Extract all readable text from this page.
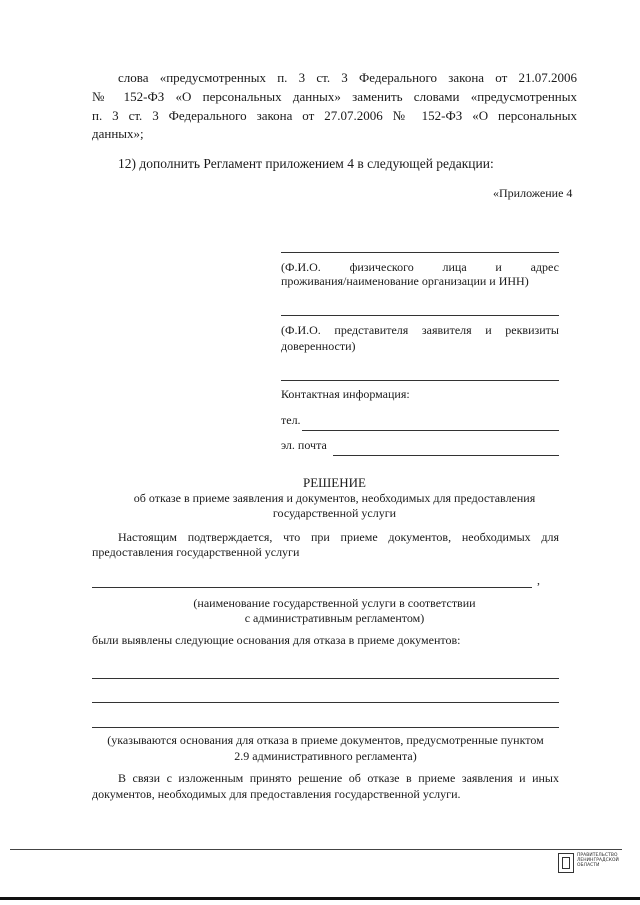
слова «предусмотренных п. 3 ст. 3 Федерального закона от 21.07.2006
№ 152-ФЗ «О персональных данных» заменить словами «предусмотренных
п. 3 ст. 3 Федерального закона от 27.07.2006 № 152-ФЗ «О персональных
данных»;
12) дополнить Регламент приложением 4 в следующей редакции:
«Приложение 4
(Ф.И.О. физического лица и адрес
проживания/наименование организации и ИНН)
(Ф.И.О. представителя заявителя и реквизиты
доверенности)
Контактная информация:
тел.
эл. почта
РЕШЕНИЕ
об отказе в приеме заявления и документов, необходимых для предоставления
государственной услуги
Настоящим подтверждается, что при приеме документов, необходимых для
предоставления государственной услуги
,
(наименование государственной услуги в соответствии
с административным регламентом)
были выявлены следующие основания для отказа в приеме документов:
(указываются основания для отказа в приеме документов, предусмотренные пунктом
2.9 административного регламента)
В связи с изложенным принято решение об отказе в приеме заявления и иных
документов, необходимых для предоставления государственной услуги.
ПРАВИТЕЛЬСТВО
ЛЕНИНГРАДСКОЙ
ОБЛАСТИ
